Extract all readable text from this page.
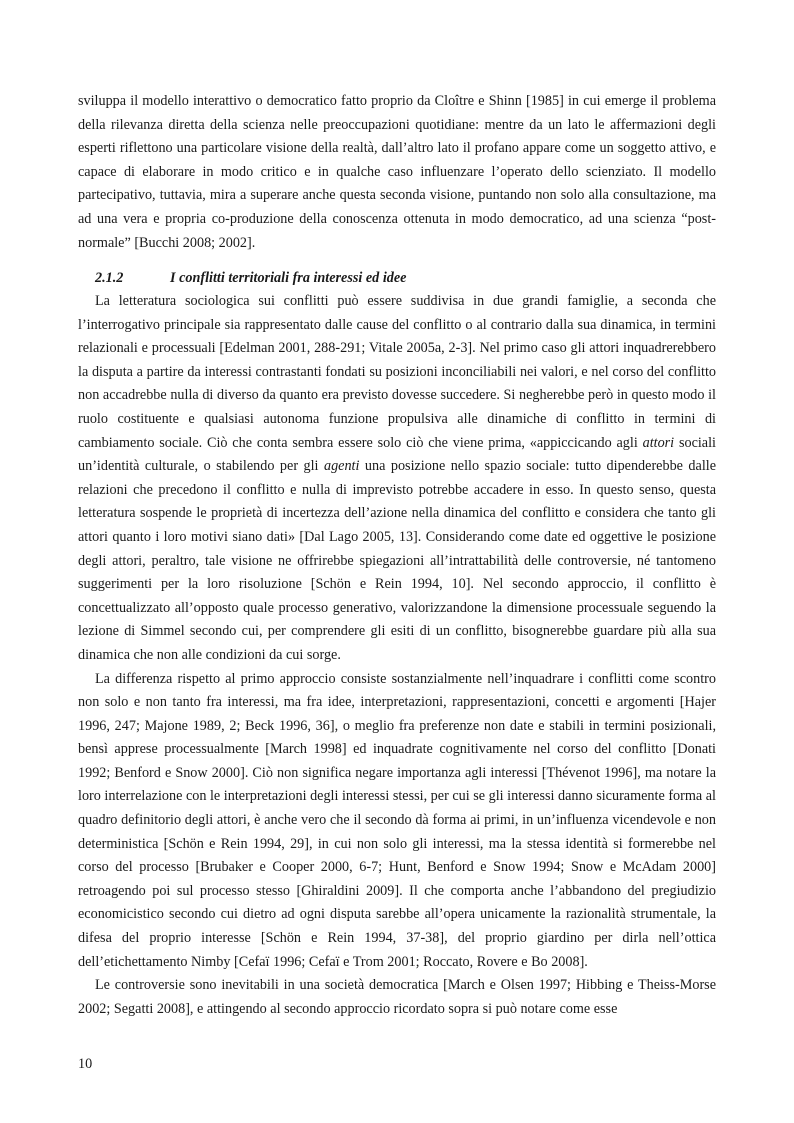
sviluppa il modello interattivo o democratico fatto proprio da Cloître e Shinn [1985] in cui emerge il problema della rilevanza diretta della scienza nelle preoccupazioni quotidiane: mentre da un lato le affermazioni degli esperti riflettono una particolare visione della realtà, dall’altro lato il profano appare come un soggetto attivo, e capace di elaborare in modo critico e in qualche caso influenzare l’operato dello scienziato. Il modello partecipativo, tuttavia, mira a superare anche questa seconda visione, puntando non solo alla consultazione, ma ad una vera e propria co-produzione della conoscenza ottenuta in modo democratico, ad una scienza “post-normale” [Bucchi 2008; 2002].

2.1.2	I conflitti territoriali fra interessi ed idee

La letteratura sociologica sui conflitti può essere suddivisa in due grandi famiglie, a seconda che l’interrogativo principale sia rappresentato dalle cause del conflitto o al contrario dalla sua dinamica, in termini relazionali e processuali [Edelman 2001, 288-291; Vitale 2005a, 2-3]. Nel primo caso gli attori inquadrerebbero la disputa a partire da interessi contrastanti fondati su posizioni inconciliabili nei valori, e nel corso del conflitto non accadrebbe nulla di diverso da quanto era previsto dovesse succedere. Si negherebbe però in questo modo il ruolo costituente e qualsiasi autonoma funzione propulsiva alle dinamiche di conflitto in termini di cambiamento sociale. Ciò che conta sembra essere solo ciò che viene prima, «appiccicando agli attori sociali un’identità culturale, o stabilendo per gli agenti una posizione nello spazio sociale: tutto dipenderebbe dalle relazioni che precedono il conflitto e nulla di imprevisto potrebbe accadere in esso. In questo senso, questa letteratura sospende le proprietà di incertezza dell’azione nella dinamica del conflitto e considera che tanto gli attori quanto i loro motivi siano dati» [Dal Lago 2005, 13]. Considerando come date ed oggettive le posizione degli attori, peraltro, tale visione ne offrirebbe spiegazioni all’intrattabilità delle controversie, né tantomeno suggerimenti per la loro risoluzione [Schön e Rein 1994, 10]. Nel secondo approccio, il conflitto è concettualizzato all’opposto quale processo generativo, valorizzandone la dimensione processuale seguendo la lezione di Simmel secondo cui, per comprendere gli esiti di un conflitto, bisognerebbe guardare più alla sua dinamica che non alle condizioni da cui sorge.

La differenza rispetto al primo approccio consiste sostanzialmente nell’inquadrare i conflitti come scontro non solo e non tanto fra interessi, ma fra idee, interpretazioni, rappresentazioni, concetti e argomenti [Hajer 1996, 247; Majone 1989, 2; Beck 1996, 36], o meglio fra preferenze non date e stabili in termini posizionali, bensì apprese processualmente [March 1998] ed inquadrate cognitivamente nel corso del conflitto [Donati 1992; Benford e Snow 2000]. Ciò non significa negare importanza agli interessi [Thévenot 1996], ma notare la loro interrelazione con le interpretazioni degli interessi stessi, per cui se gli interessi danno sicuramente forma al quadro definitorio degli attori, è anche vero che il secondo dà forma ai primi, in un’influenza vicendevole e non deterministica [Schön e Rein 1994, 29], in cui non solo gli interessi, ma la stessa identità si formerebbe nel corso del processo [Brubaker e Cooper 2000, 6-7; Hunt, Benford e Snow 1994; Snow e McAdam 2000] retroagendo poi sul processo stesso [Ghiraldini 2009]. Il che comporta anche l’abbandono del pregiudizio economicistico secondo cui dietro ad ogni disputa sarebbe all’opera unicamente la razionalità strumentale, la difesa del proprio interesse [Schön e Rein 1994, 37-38], del proprio giardino per dirla nell’ottica dell’etichettamento Nimby [Cefaï 1996; Cefaï e Trom 2001; Roccato, Rovere e Bo 2008].

Le controversie sono inevitabili in una società democratica [March e Olsen 1997; Hibbing e Theiss-Morse 2002; Segatti 2008], e attingendo al secondo approccio ricordato sopra si può notare come esse

10
